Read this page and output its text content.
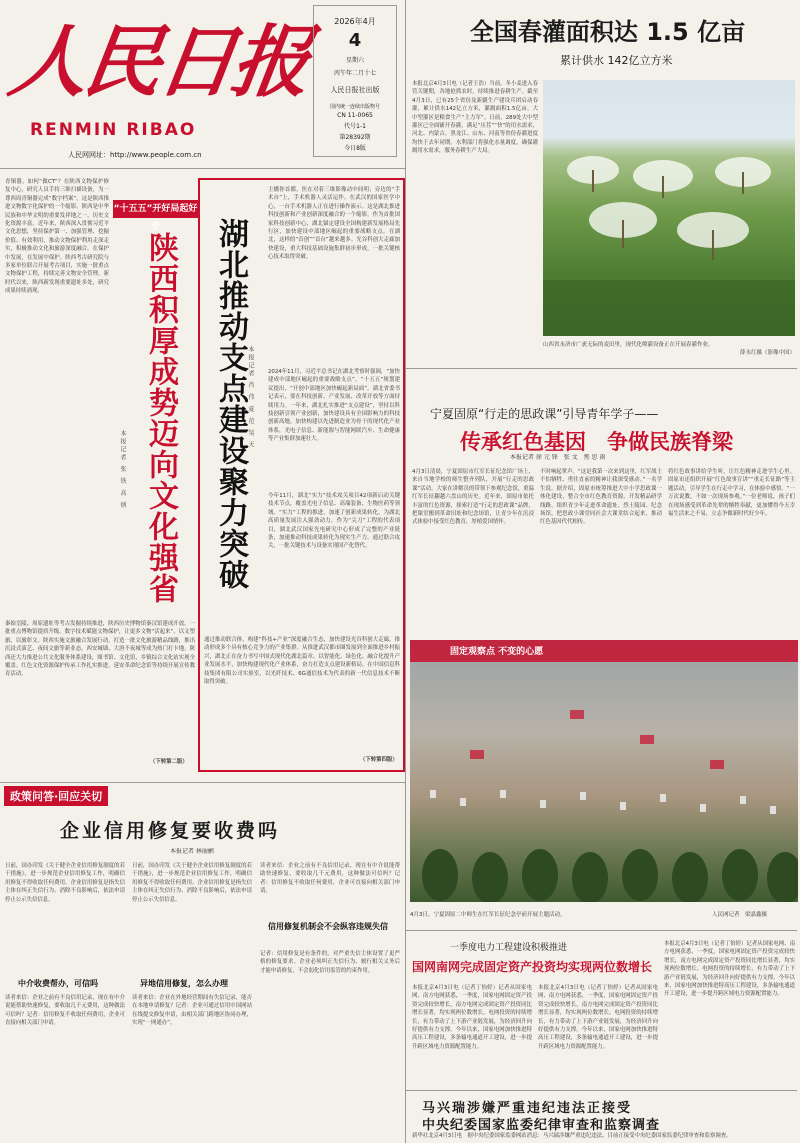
人民日报
RENMIN RIBAO
人民网网址：http://www.people.com.cn
2026年4月
4
星期六
丙午年二月十七
人民日报社出版
国内统一连续出版物号
CN 11-0065
代号1-1
第28392期
今日8版
全国春灌面积达 1.5 亿亩
累计供水 142亿立方米
本报北京4月3日电（记者王浩）当前，冬小麦进入春管关键期，各地抢抓农时，持续推进春耕生产。截至4月3日，已有25个省份及新疆生产建设兵团启动春灌，累计供水142亿立方米，灌溉面积1.5亿亩。大中型灌区是粮食生产“主力军”。日前，289处大中型灌区已全面铺开春灌，满足“压茬”“快”的用水需求，河北、内蒙古、黑龙江、山东、河南等省份春灌进度均快于去年同期。水利部门将强化水量调度，确保灌溉用水需求，服务春耕生产大局。
山西省永济市广袤无际的麦田里，现代化喷灌设备正在开展春灌作业。
薛永红摄（影像中国）
青铜器，如何“做CT”？在陕西文物保护修复中心，研究人员手持三维扫描设备，为一尊西周青铜器完成“数字档案”。这是陕西推进文物数字化保护的一个缩影。陕西是中华民族和中华文明的重要发祥地之一，历史文化资源丰富。近年来，陕西深入贯彻习近平文化思想，坚持保护第一、加强管理、挖掘价值、有效利用，推动文物保护利用走深走实，积极推动文化和旅游深度融合。在保护中发展，在发展中保护。陕西考古研究院与多家单位联合开展考古项目，实施一批重点文物保护工程，持续完善文物安全管理。新时代以来，陕西新发现重要遗址多处，研究成果持续涌现。
秦始皇陵、周原遗址等考古发掘持续推进，陕西历史博物馆秦汉馆建成开放，一批重点博物馆提质升级。数字技术赋能文物保护，让更多文物“活起来”。以文塑旅、以旅彰文。陕西实施文旅融合发展行动，打造一批文化旅游精品线路，推出沉浸式演艺、夜间文旅等新业态。西安城墙、大唐不夜城等成为热门打卡地。陕西还大力推进公共文化服务体系建设，图书馆、文化馆、乡镇综合文化站实现全覆盖。红色文化资源保护传承工作扎实推进，延安革命纪念馆等持续开展宣传教育活动。
“十五五”开好局起好步
陕西积厚成势迈向文化强省
本报记者 张 铁 高 炳
（下转第二版）
湖北推动支点建设聚力突破 本报记者 肖 伟 夏 范 昊 天
主播你首都，医在对着三维影像动中间明；旁边的“手术台”上，手术机器人灵活运作。在武汉的国家医学中心，一台手术机器人正在进行操作演示。这是湖北推进科技创新和产业创新深度融合的一个缩影。作为首批国家科技创新中心，湖北锚定建设全国构建新发展格局先行区，加快建设中部地区崛起的重要战略支点。在湖北，这样的“首创”“首台”越来越多。光谷科创大走廊加快建设，重大科技基础设施集群初步形成，一批关键核心技术取得突破。
2024年11月，习近平总书记在湖北考察时强调，“加快建成中部地区崛起的重要战略支点”。“十五五”规划建议提出，“开创中部地区加快崛起新局面”。湖北省委书记表示，要在科技创新、产业发展、改革开放等方面持续用力。一年来，湖北扎实推进“支点建设”，坚持以科技创新引领产业创新，加快建设具有全国影响力的科技创新高地。加快构建以先进制造业为骨干的现代化产业体系，光电子信息、新能源与智能网联汽车、生命健康等产业集群加速壮大。
今年11月，湖北“实力”技术攻关项目42项新启动关键技术节点，覆盖光电子信息、高端装备、生物医药等领域。“实力”工程的推进，加速了创新成果转化，为湖北高质量发展注入强劲动力。作为“尖刀”工程的代表项目，湖北武汉国家光电研究中心形成了完整的产业链条，加速推动科技成果转化为现实生产力。通过联合攻关，一批关键技术与设备实现国产化替代。
通过推动联合体，构建“科技+产业”深度融合生态，加快建设光谷科创大走廊，推动形成多个具有核心竞争力的产业集群。从推进武汉都市圈发展到全面推进乡村振兴，湖北正在奋力书写中国式现代化湖北篇章。以智能化、绿色化、融合化提升产业发展水平，加快构建现代化产业体系，奋力打造支点建设新格局。在中国信息科技集团有限公司实验室，以光纤技术、6G通信技术为代表的新一代信息技术不断取得突破。
（下转第四版）
宁夏固原“行走的思政课”引导青年学子——
传承红色基因　争做民族脊梁
本报记者 徐 元 锋　张 文　焦 思 雨
4月3日清晨，宁夏固原市红军长征纪念馆广场上，来自当地学校的师生整齐列队，开展“行走的思政课”活动。大家在讲解员的带领下参观纪念馆，重温红军长征翻越六盘山的历史。近年来，固原市依托丰富的红色资源，探索打造“行走的思政课”品牌，把课堂搬到革命旧址和纪念场馆，让青少年在沉浸式体验中接受红色教育，厚植爱国情怀。
不时响起掌声。“这是我第一次来到这里，红军战士不怕牺牲、勇往直前的精神让我深受感动。”一名学生说。据介绍，固原市统筹推进大中小学思政课一体化建设，整合全市红色教育资源，开发精品研学线路，组织青少年走进革命遗址、烈士陵园、纪念场馆，把思政小课堂同社会大课堂结合起来，推动红色基因代代相传。
将红色故事讲给学生听，让红色精神走进学生心里。固原市还组织开展“红色故事宣讲”“重走长征路”等主题活动，引导学生在行走中学习，在体验中感悟。“一万次说教，不如一次现场参观。”一位老师说，孩子们在现场感受到革命先辈的牺牲奉献，更加懂得今天幸福生活来之不易，立志争做新时代好少年。
固定观察点 不变的心愿
4月3日，宁夏固原二中师生在红军长征纪念亭前开展主题活动。	人民网记者　梁嘉鑫摄
政策问答·回应关切
企业信用修复要收费吗
本报记者 林丽鹂
日前，国办印发《关于健全企业信用修复制度的若干措施》，进一步规范企业信用修复工作，明确信用修复不得收取任何费用。企业信用修复是指失信主体在纠正失信行为、消除不良影响后，依法申请停止公示失信信息。
中介收费帮办，可信吗
读者来信：企业之前有不良信用记录，现在有中介说能帮助快速修复，要收取几千元费用，这种做法可信吗？记者：信用修复不收取任何费用，企业可直接向相关部门申请。
日前，国办印发《关于健全企业信用修复制度的若干措施》，进一步规范企业信用修复工作，明确信用修复不得收取任何费用。企业信用修复是指失信主体在纠正失信行为、消除不良影响后，依法申请停止公示失信信息。
异地信用修复，怎么办理
读者来信：企业在外地经营期间有失信记录，能否在本地申请修复？记者：企业可通过信用中国网站在线提交修复申请，由相关部门跨地区协同办理，实现“一网通办”。
读者来信：企业之前有不良信用记录，现在有中介说能帮助快速修复，要收取几千元费用，这种做法可信吗？记者：信用修复不收取任何费用，企业可直接向相关部门申请。
信用修复机制会不会纵容违规失信
记者：信用修复是有条件的，对严重失信主体设置了更严格的修复要求。企业必须纠正失信行为、履行相关义务后才能申请修复，不会弱化信用监管的约束作用。
一季度电力工程建设积极推进
国网南网完成固定资产投资均实现两位数增长
本报北京4月3日电（记者丁怡婷）记者从国家电网、南方电网获悉，一季度，国家电网固定资产投资完成较快增长，南方电网完成固定资产投资同比增长显著，均实现两位数增长。电网投资的持续增长，有力带动了上下游产业链发展，为经济回升向好提供有力支撑。今年以来，国家电网加快推进特高压工程建设，多条输电通道开工建设，进一步提升跨区域电力资源配置能力。
本报北京4月3日电（记者丁怡婷）记者从国家电网、南方电网获悉，一季度，国家电网固定资产投资完成较快增长，南方电网完成固定资产投资同比增长显著，均实现两位数增长。电网投资的持续增长，有力带动了上下游产业链发展，为经济回升向好提供有力支撑。今年以来，国家电网加快推进特高压工程建设，多条输电通道开工建设，进一步提升跨区域电力资源配置能力。
本报北京4月3日电（记者丁怡婷）记者从国家电网、南方电网获悉，一季度，国家电网固定资产投资完成较快增长，南方电网完成固定资产投资同比增长显著，均实现两位数增长。电网投资的持续增长，有力带动了上下游产业链发展，为经济回升向好提供有力支撑。今年以来，国家电网加快推进特高压工程建设，多条输电通道开工建设，进一步提升跨区域电力资源配置能力。
马兴瑞涉嫌严重违纪违法正接受
中央纪委国家监委纪律审查和监察调查
新华社北京4月3日电　据中央纪委国家监委网站消息：马兴瑞涉嫌严重违纪违法，目前正接受中央纪委国家监委纪律审查和监察调查。
